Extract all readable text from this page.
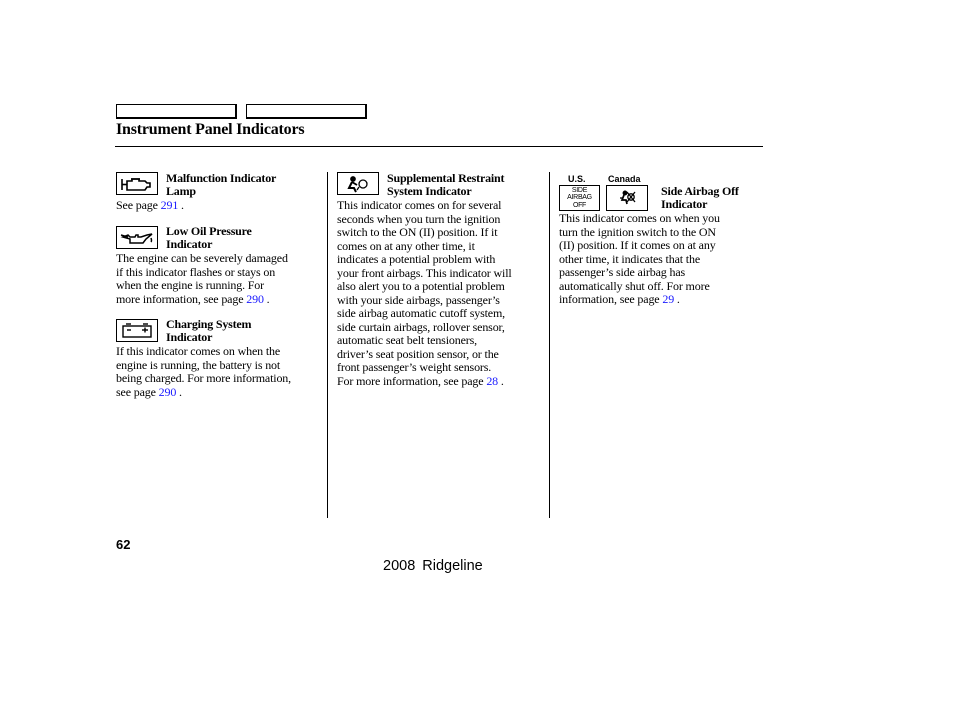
Instrument Panel Indicators
Malfunction Indicator
Lamp
See page 291 .
Low Oil Pressure
Indicator
The engine can be severely damaged
if this indicator flashes or stays on
when the engine is running. For
more information, see page 290 .
Charging System
Indicator
If this indicator comes on when the
engine is running, the battery is not
being charged. For more information,
see page 290 .
Supplemental Restraint
System Indicator
This indicator comes on for several
seconds when you turn the ignition
switch to the ON (II) position. If it
comes on at any other time, it
indicates a potential problem with
your front airbags. This indicator will
also alert you to a potential problem
with your side airbags, passenger’s
side airbag automatic cutoff system,
side curtain airbags, rollover sensor,
automatic seat belt tensioners,
driver’s seat position sensor, or the
front passenger’s weight sensors.
For more information, see page 28 .
U.S. Canada
SIDE
AIRBAG
OFF
Side Airbag Off
Indicator
This indicator comes on when you
turn the ignition switch to the ON
(II) position. If it comes on at any
other time, it indicates that the
passenger’s side airbag has
automatically shut off. For more
information, see page 29 .
62
2008 Ridgeline
